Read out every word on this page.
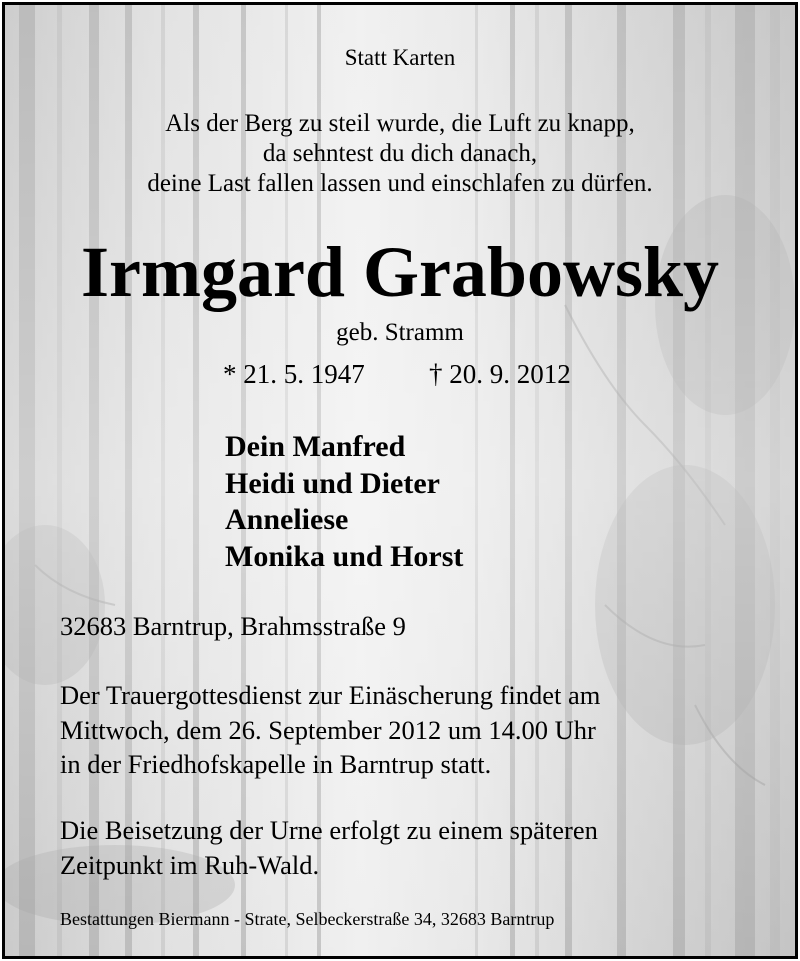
Statt Karten
Als der Berg zu steil wurde, die Luft zu knapp,
da sehntest du dich danach,
deine Last fallen lassen und einschlafen zu dürfen.
Irmgard Grabowsky
geb. Stramm
* 21. 5. 1947 † 20. 9. 2012
Dein Manfred
Heidi und Dieter
Anneliese
Monika und Horst
32683 Barntrup, Brahmsstraße 9
Der Trauergottesdienst zur Einäscherung findet am
Mittwoch, dem 26. September 2012 um 14.00 Uhr
in der Friedhofskapelle in Barntrup statt.
Die Beisetzung der Urne erfolgt zu einem späteren
Zeitpunkt im Ruh-Wald.
Bestattungen Biermann - Strate, Selbeckerstraße 34, 32683 Barntrup
